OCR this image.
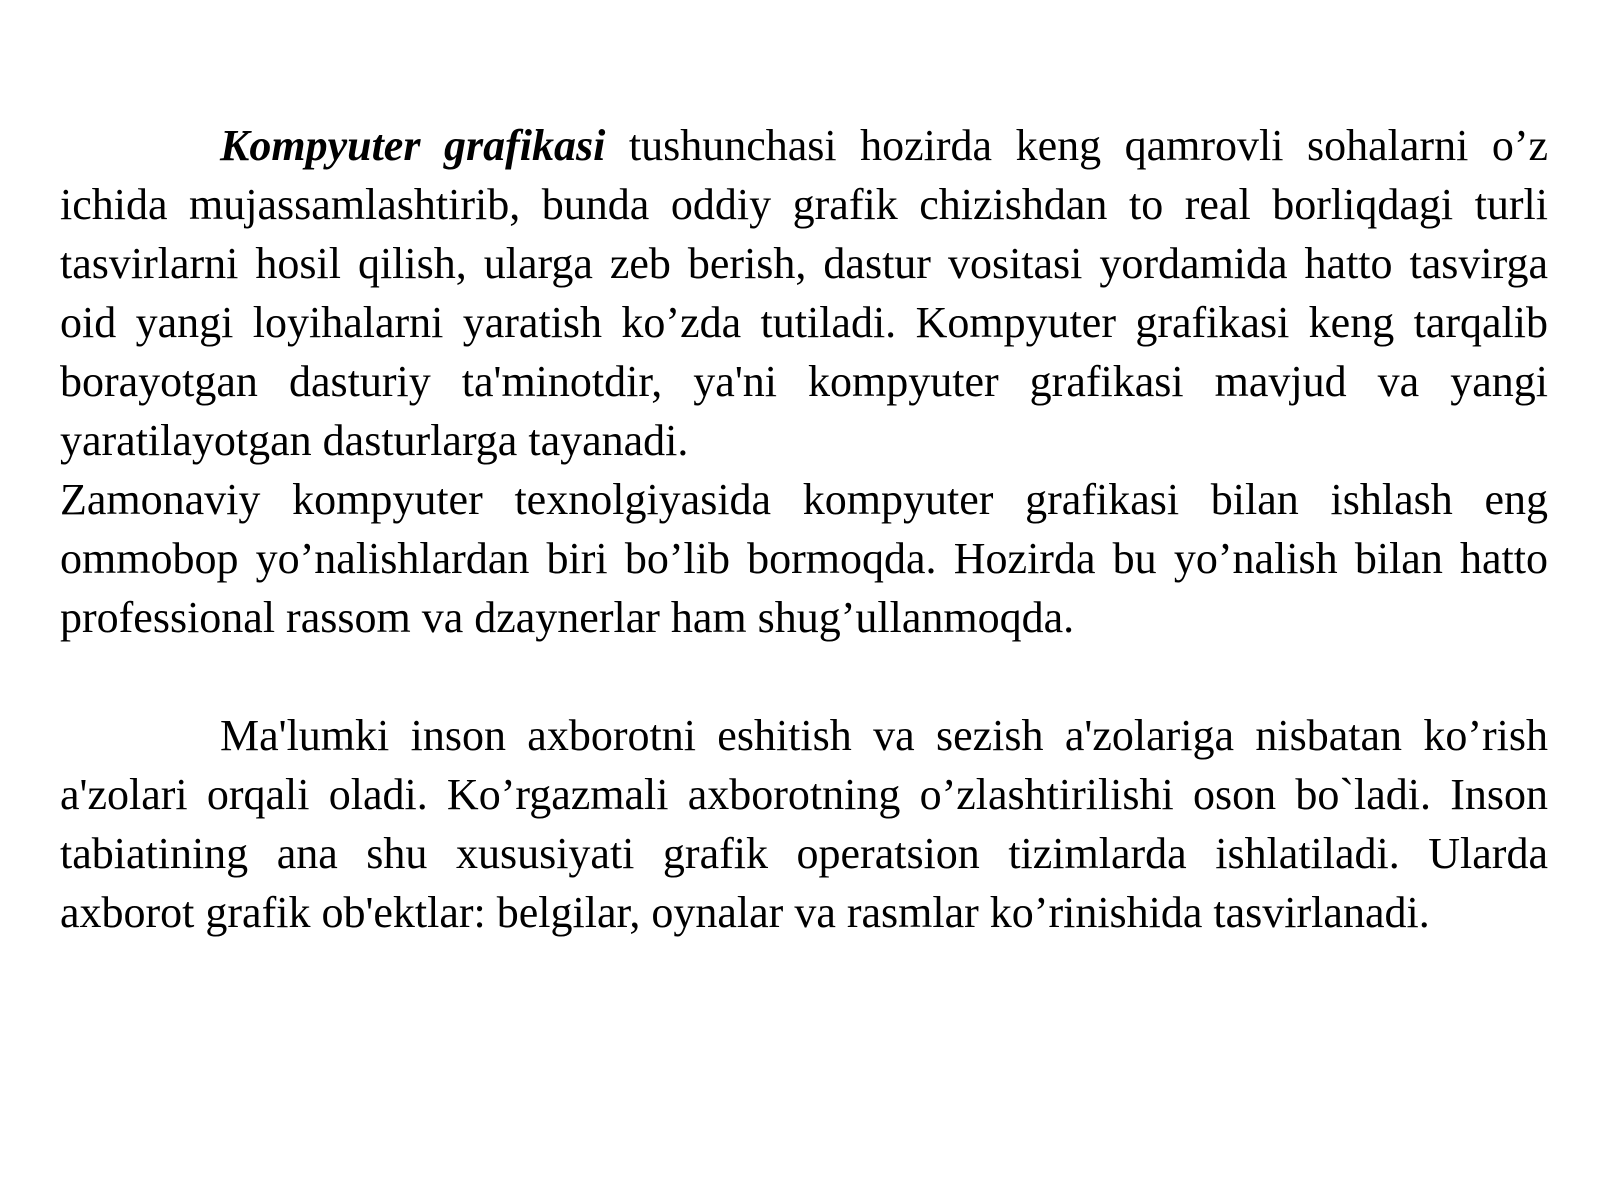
Kompyuter grafikasi tushunchasi hozirda keng qamrovli sohalarni o’z ichida mujassamlashtirib, bunda oddiy grafik chizishdan to real borliqdagi turli tasvirlarni hosil qilish, ularga zeb berish, dastur vositasi yordamida hatto tasvirga oid yangi loyihalarni yaratish ko’zda tutiladi. Kompyuter grafikasi keng tarqalib borayotgan dasturiy ta'minotdir, ya'ni kompyuter grafikasi mavjud va yangi yaratilayotgan dasturlarga tayanadi.

Zamonaviy kompyuter texnolgiyasida kompyuter grafikasi bilan ishlash eng ommobop yo’nalishlardan biri bo’lib bormoqda. Hozirda bu yo’nalish bilan hatto professional rassom va dzaynerlar ham shug’ullanmoqda.

Ma'lumki inson axborotni eshitish va sezish a'zolariga nisbatan ko’rish a'zolari orqali oladi. Ko’rgazmali axborotning o’zlashtirilishi oson bo`ladi. Inson tabiatining ana shu xususiyati grafik operatsion tizimlarda ishlatiladi. Ularda axborot grafik ob'ektlar: belgilar, oynalar va rasmlar ko’rinishida tasvirlanadi.
